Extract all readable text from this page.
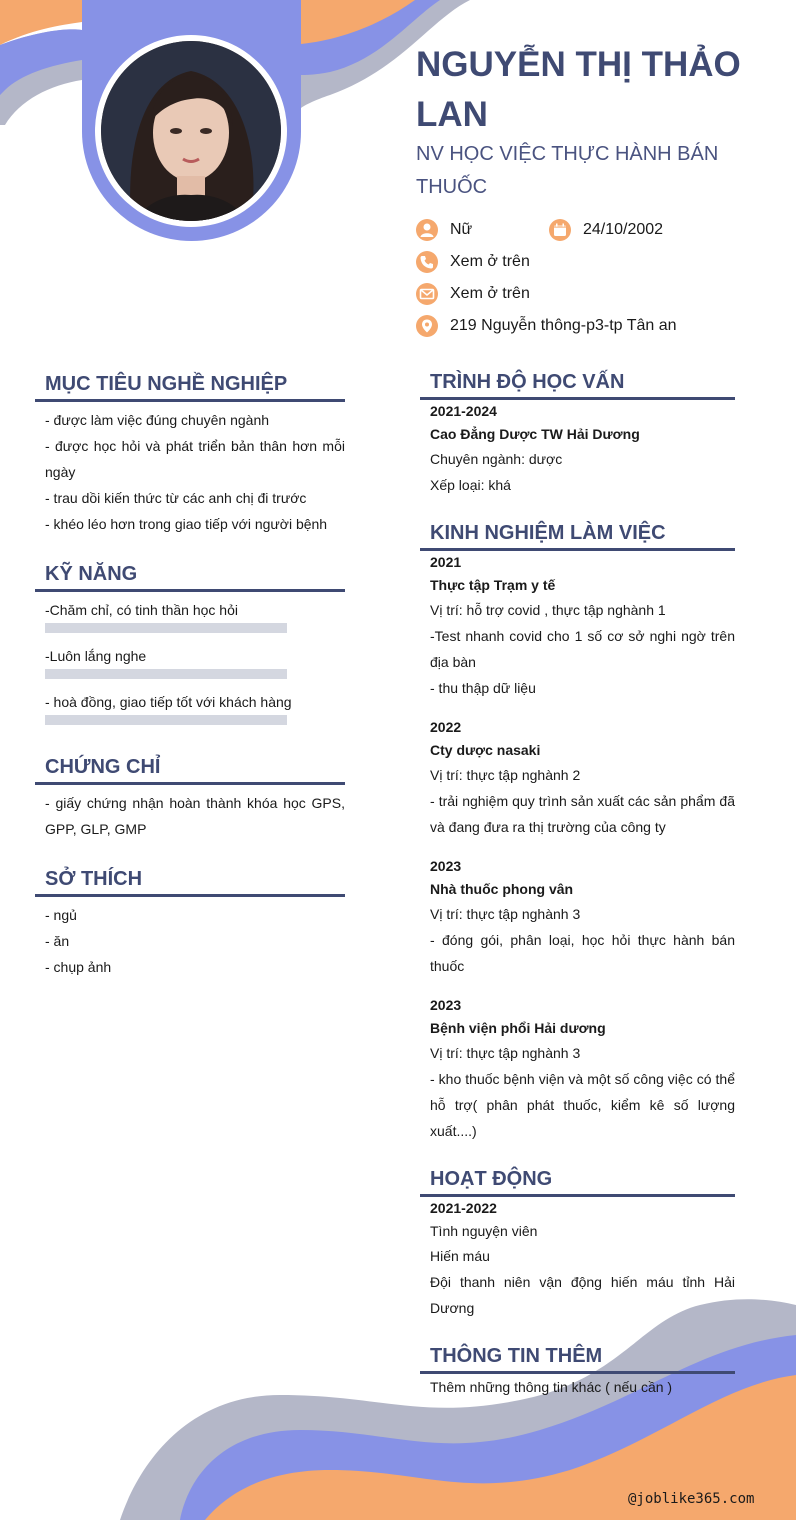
NGUYỄN THỊ THẢO LAN
NV HỌC VIỆC THỰC HÀNH BÁN THUỐC
Nữ	24/10/2002
Xem ở trên
Xem ở trên
219 Nguyễn thông-p3-tp Tân an
MỤC TIÊU NGHỀ NGHIỆP
- được làm việc đúng chuyên ngành
- được học hỏi và phát triển bản thân hơn mỗi ngày
- trau dồi kiến thức từ các anh chị đi trước
- khéo léo hơn trong giao tiếp với người bệnh
KỸ NĂNG
-Chăm chỉ, có tinh thần học hỏi
-Luôn lắng nghe
- hoà đồng, giao tiếp tốt với khách hàng
CHỨNG CHỈ
- giấy chứng nhận hoàn thành khóa học GPS, GPP, GLP, GMP
SỞ THÍCH
- ngủ
- ăn
- chụp ảnh
TRÌNH ĐỘ HỌC VẤN
2021-2024
Cao Đẳng Dược TW Hải Dương
Chuyên ngành: dược
Xếp loại: khá
KINH NGHIỆM LÀM VIỆC
2021
Thực tập Trạm y tế
Vị trí: hỗ trợ covid , thực tập nghành 1
-Test nhanh covid cho 1 số cơ sở nghi ngờ trên địa bàn
- thu thập dữ liệu
2022
Cty dược nasaki
Vị trí: thực tập nghành 2
- trải nghiệm quy trình sản xuất các sản phẩm đã và đang đưa ra thị trường của công ty
2023
Nhà thuốc phong vân
Vị trí: thực tập nghành 3
- đóng gói, phân loại, học hỏi thực hành bán thuốc
2023
Bệnh viện phổi Hải dương
Vị trí: thực tập nghành 3
- kho thuốc bệnh viện và một số công việc có thể hỗ trợ( phân phát thuốc, kiểm kê số lượng xuất....)
HOẠT ĐỘNG
2021-2022
Tình nguyện viên
Hiến máu
Đội thanh niên vận động hiến máu tỉnh Hải Dương
THÔNG TIN THÊM
Thêm những thông tin khác ( nếu cần )
@joblike365.com
